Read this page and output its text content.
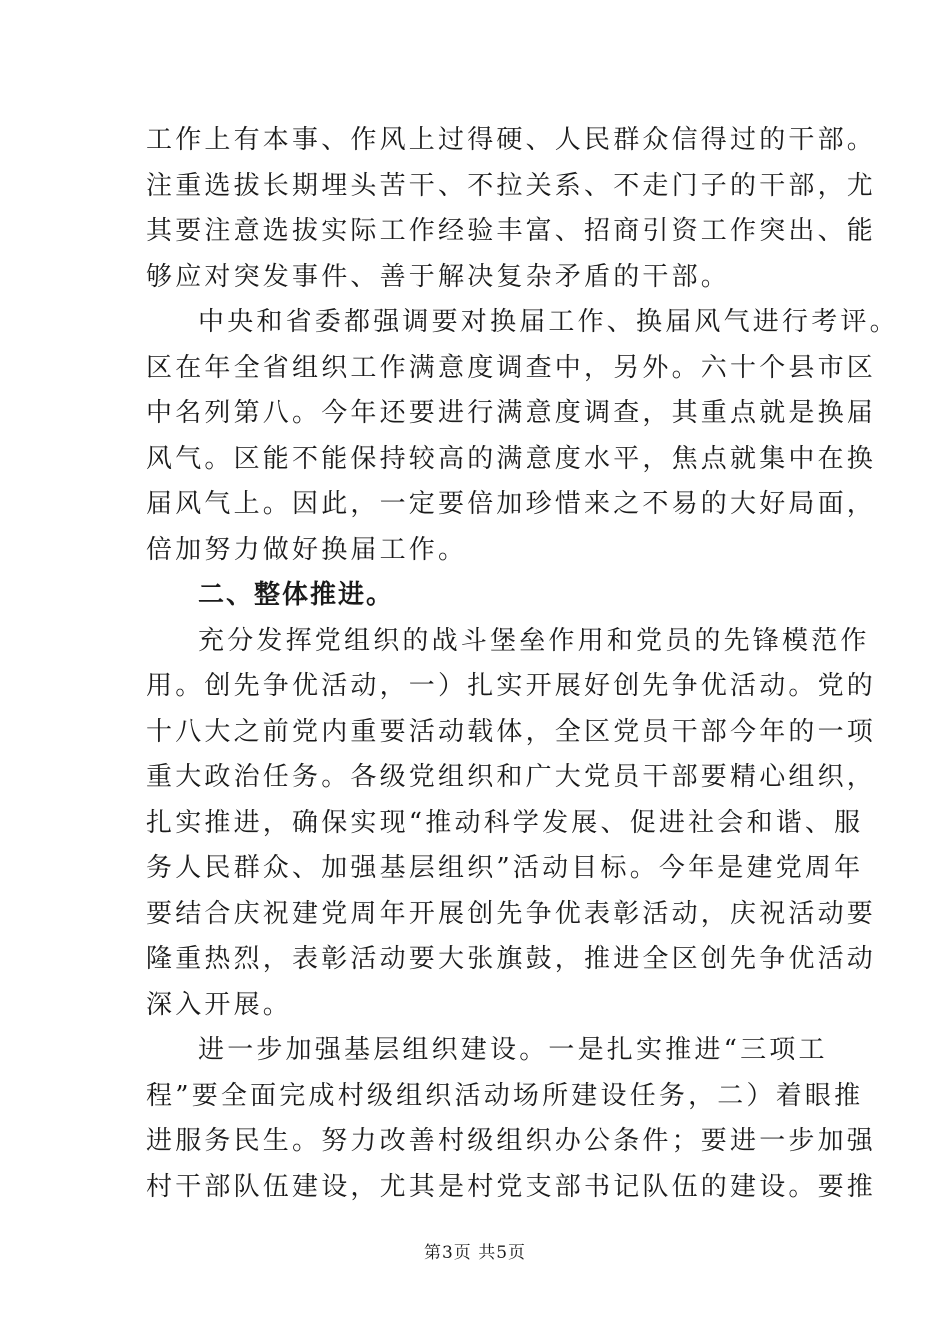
工作上有本事、作风上过得硬、人民群众信得过的干部。
注重选拔长期埋头苦干、不拉关系、不走门子的干部，尤
其要注意选拔实际工作经验丰富、招商引资工作突出、能
够应对突发事件、善于解决复杂矛盾的干部。

中央和省委都强调要对换届工作、换届风气进行考评。
区在年全省组织工作满意度调查中，另外。六十个县市区
中名列第八。今年还要进行满意度调查，其重点就是换届
风气。区能不能保持较高的满意度水平，焦点就集中在换
届风气上。因此，一定要倍加珍惜来之不易的大好局面，
倍加努力做好换届工作。

二、整体推进。

充分发挥党组织的战斗堡垒作用和党员的先锋模范作
用。创先争优活动，一）扎实开展好创先争优活动。党的
十八大之前党内重要活动载体，全区党员干部今年的一项
重大政治任务。各级党组织和广大党员干部要精心组织，
扎实推进，确保实现“推动科学发展、促进社会和谐、服
务人民群众、加强基层组织”活动目标。今年是建党周年
要结合庆祝建党周年开展创先争优表彰活动，庆祝活动要
隆重热烈，表彰活动要大张旗鼓，推进全区创先争优活动
深入开展。

进一步加强基层组织建设。一是扎实推进“三项工
程”要全面完成村级组织活动场所建设任务，二）着眼推
进服务民生。努力改善村级组织办公条件；要进一步加强
村干部队伍建设，尤其是村党支部书记队伍的建设。要推

第3页 共5页
